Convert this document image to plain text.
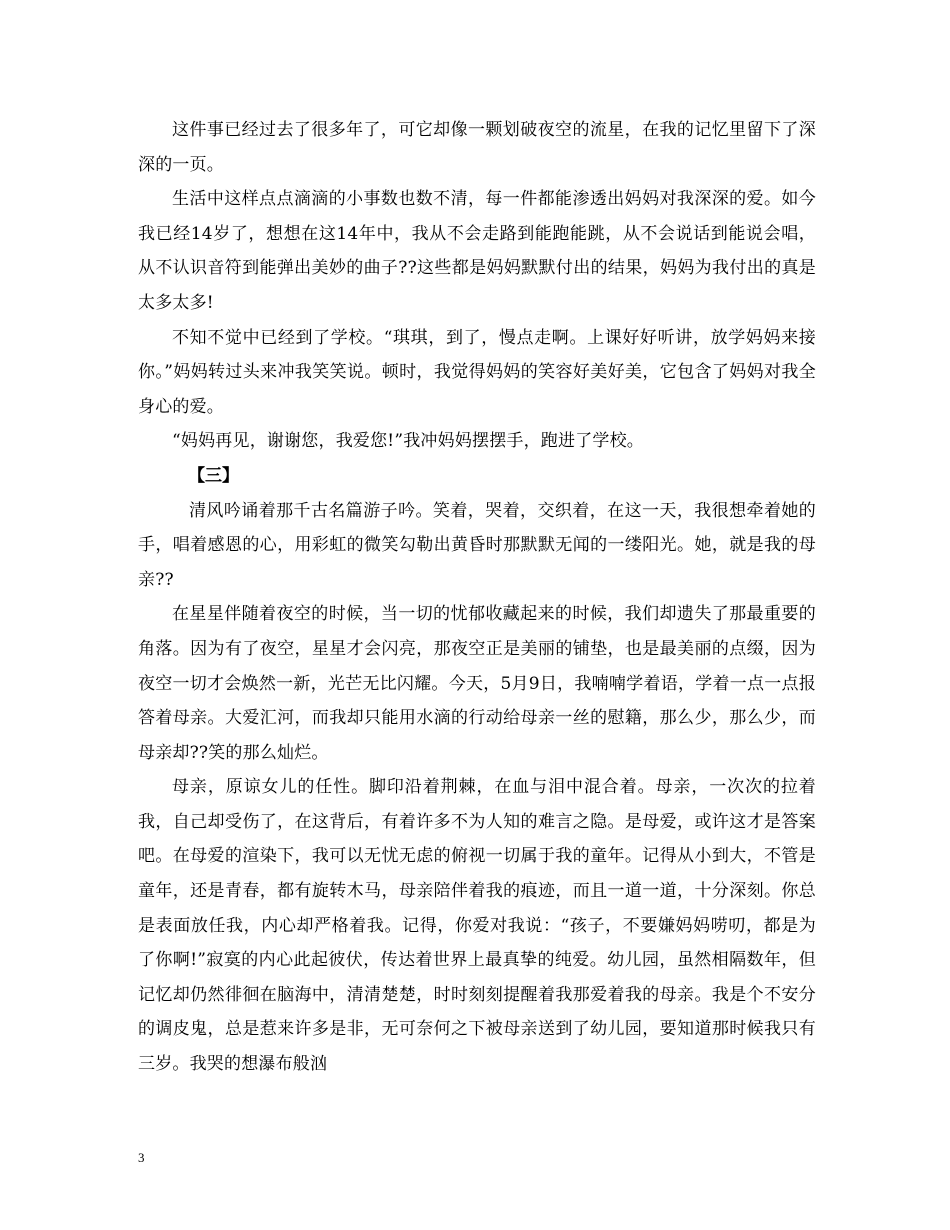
这件事已经过去了很多年了，可它却像一颗划破夜空的流星，在我的记忆里留下了深深的一页。

生活中这样点点滴滴的小事数也数不清，每一件都能渗透出妈妈对我深深的爱。如今我已经14岁了，想想在这14年中，我从不会走路到能跑能跳，从不会说话到能说会唱，从不认识音符到能弹出美妙的曲子??这些都是妈妈默默付出的结果，妈妈为我付出的真是太多太多!

不知不觉中已经到了学校。“琪琪，到了，慢点走啊。上课好好听讲，放学妈妈来接你。”妈妈转过头来冲我笑笑说。顿时，我觉得妈妈的笑容好美好美，它包含了妈妈对我全身心的爱。

“妈妈再见，谢谢您，我爱您!”我冲妈妈摆摆手，跑进了学校。

【三】

清风吟诵着那千古名篇游子吟。笑着，哭着，交织着，在这一天，我很想牵着她的手，唱着感恩的心，用彩虹的微笑勾勒出黄昏时那默默无闻的一缕阳光。她，就是我的母亲??

在星星伴随着夜空的时候，当一切的忧郁收藏起来的时候，我们却遗失了那最重要的角落。因为有了夜空，星星才会闪亮，那夜空正是美丽的铺垫，也是最美丽的点缀，因为夜空一切才会焕然一新，光芒无比闪耀。今天，5月9日，我喃喃学着语，学着一点一点报答着母亲。大爱汇河，而我却只能用水滴的行动给母亲一丝的慰籍，那么少，那么少，而母亲却??笑的那么灿烂。

母亲，原谅女儿的任性。脚印沿着荆棘，在血与泪中混合着。母亲，一次次的拉着我，自己却受伤了，在这背后，有着许多不为人知的难言之隐。是母爱，或许这才是答案吧。在母爱的渲染下，我可以无忧无虑的俯视一切属于我的童年。记得从小到大，不管是童年，还是青春，都有旋转木马，母亲陪伴着我的痕迹，而且一道一道，十分深刻。你总是表面放任我，内心却严格着我。记得，你爱对我说：“孩子，不要嫌妈妈唠叨，都是为了你啊!”寂寞的内心此起彼伏，传达着世界上最真挚的纯爱。幼儿园，虽然相隔数年，但记忆却仍然徘徊在脑海中，清清楚楚，时时刻刻提醒着我那爱着我的母亲。我是个不安分的调皮鬼，总是惹来许多是非，无可奈何之下被母亲送到了幼儿园，要知道那时候我只有三岁。我哭的想瀑布般汹

3
